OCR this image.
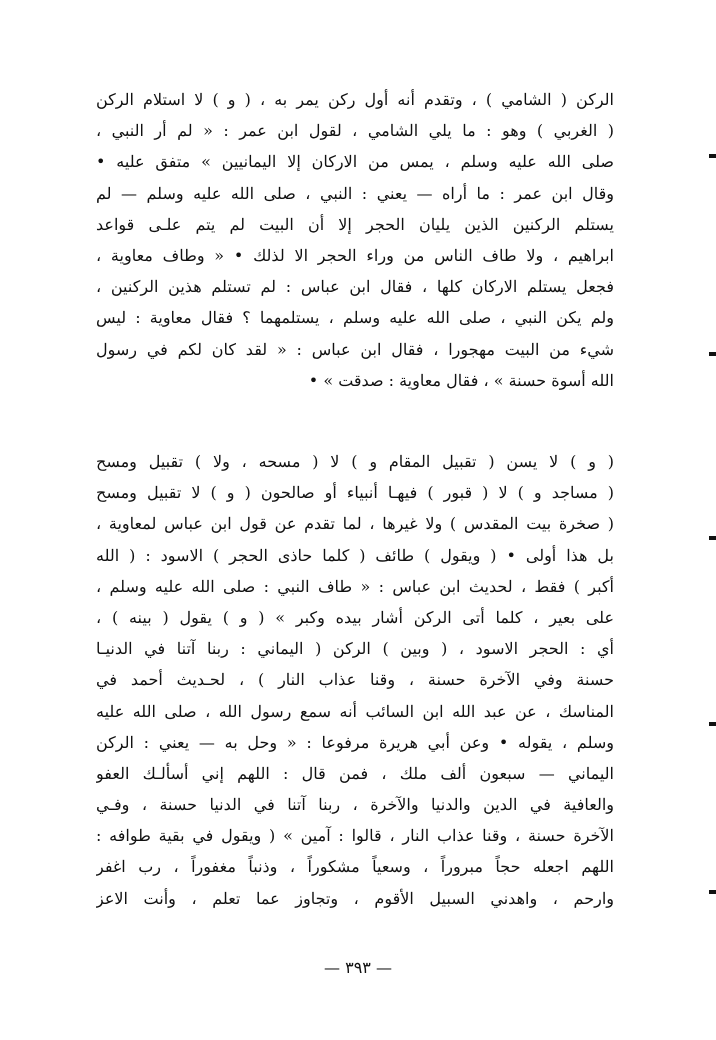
الركن ( الشامي ) ، وتقدم أنه أول ركن يمر به ، ( و ) لا استلام الركن
( الغربي ) وهو : ما يلي الشامي ، لقول ابن عمر : « لم أر النبي ،
صلى الله عليه وسلم ، يمس من الاركان إلا اليمانيين » متفق عليه •
وقال ابن عمر : ما أراه — يعني : النبي ، صلى الله عليه وسلم — لم
يستلم الركنين الذين يليان الحجر إلا أن البيت لم يتم علـى قواعد
ابراهيم ، ولا طاف الناس من وراء الحجر الا لذلك • « وطاف معاوية ،
فجعل يستلم الاركان كلها ، فقال ابن عباس : لم تستلم هذين الركنين ،
ولم يكن النبي ، صلى الله عليه وسلم ، يستلمهما ؟ فقال معاوية : ليس
شيء من البيت مهجورا ، فقال ابن عباس : « لقد كان لكم في رسول
الله أسوة حسنة » ، فقال معاوية : صدقت » •
( و ) لا يسن ( تقبيل المقام و ) لا ( مسحه ، ولا ) تقبيل ومسح
( مساجد و ) لا ( قبور ) فيهـا أنبياء أو صالحون ( و ) لا تقبيل ومسح
( صخرة بيت المقدس ) ولا غيرها ، لما تقدم عن قول ابن عباس لمعاوية ،
بل هذا أولى • ( ويقول ) طائف ( كلما حاذى الحجر ) الاسود : ( الله
أكبر ) فقط ، لحديث ابن عباس : « طاف النبي : صلى الله عليه وسلم ،
على بعير ، كلما أتى الركن أشار بيده وكبر » ( و ) يقول ( بينه ) ،
أي : الحجر الاسود ، ( وبين ) الركن ( اليماني : ربنا آتنا في الدنيـا
حسنة وفي الآخرة حسنة ، وقنا عذاب النار ) ، لحـديث أحمد في
المناسك ، عن عبد الله ابن السائب أنه سمع رسول الله ، صلى الله عليه
وسلم ، يقوله • وعن أبي هريرة مرفوعا : « وحل به — يعني : الركن
اليماني — سبعون ألف ملك ، فمن قال : اللهم إني أسألـك العفو
والعافية في الدين والدنيا والآخرة ، ربنا آتنا في الدنيا حسنة ، وفـي
الآخرة حسنة ، وقنا عذاب النار ، قالوا : آمين » ( ويقول في بقية طوافه :
اللهم اجعله حجاً مبروراً ، وسعياً مشكوراً ، وذنباً مغفوراً ، رب اغفر
وارحم ، واهدني السبيل الأقوم ، وتجاوز عما تعلم ، وأنت الاعز
— ٣٩٣ —
